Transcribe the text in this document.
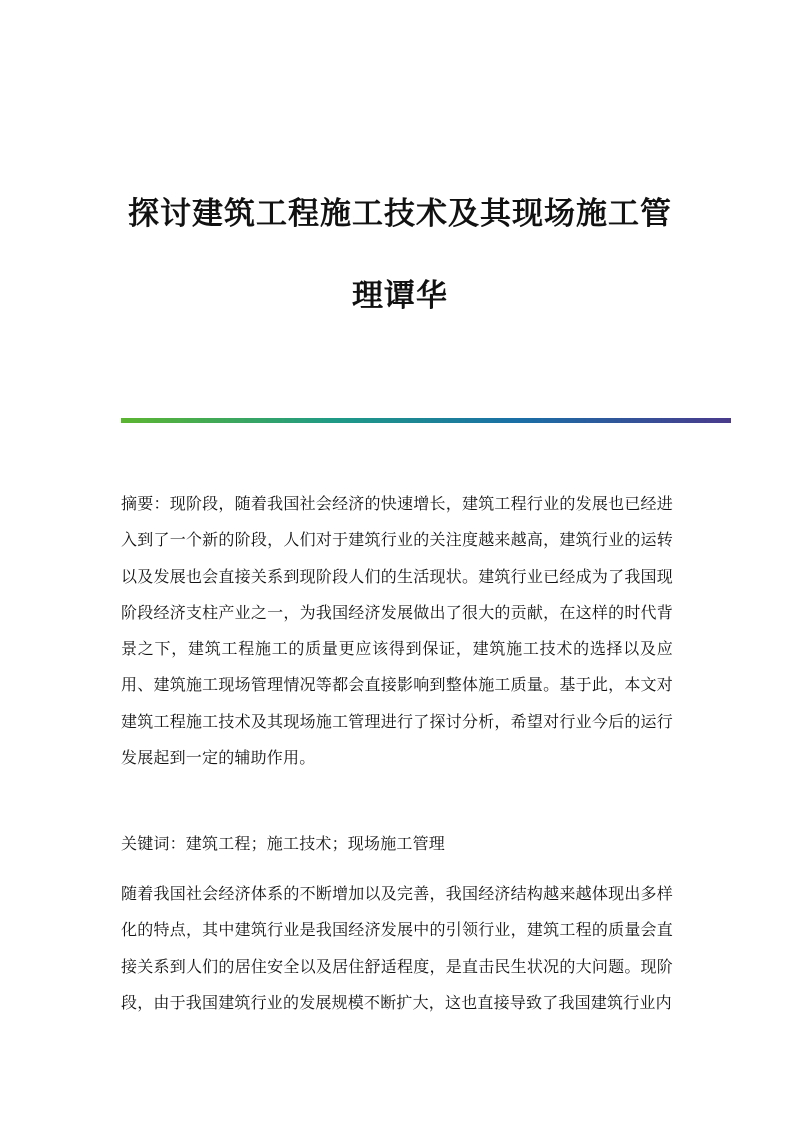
探讨建筑工程施工技术及其现场施工管
理谭华

摘要：现阶段，随着我国社会经济的快速增长，建筑工程行业的发展也已经进入到了一个新的阶段，人们对于建筑行业的关注度越来越高，建筑行业的运转以及发展也会直接关系到现阶段人们的生活现状。建筑行业已经成为了我国现阶段经济支柱产业之一，为我国经济发展做出了很大的贡献，在这样的时代背景之下，建筑工程施工的质量更应该得到保证，建筑施工技术的选择以及应用、建筑施工现场管理情况等都会直接影响到整体施工质量。基于此，本文对建筑工程施工技术及其现场施工管理进行了探讨分析，希望对行业今后的运行发展起到一定的辅助作用。

关键词：建筑工程；施工技术；现场施工管理

随着我国社会经济体系的不断增加以及完善，我国经济结构越来越体现出多样化的特点，其中建筑行业是我国经济发展中的引领行业，建筑工程的质量会直接关系到人们的居住安全以及居住舒适程度，是直击民生状况的大问题。现阶段，由于我国建筑行业的发展规模不断扩大，这也直接导致了我国建筑行业内
